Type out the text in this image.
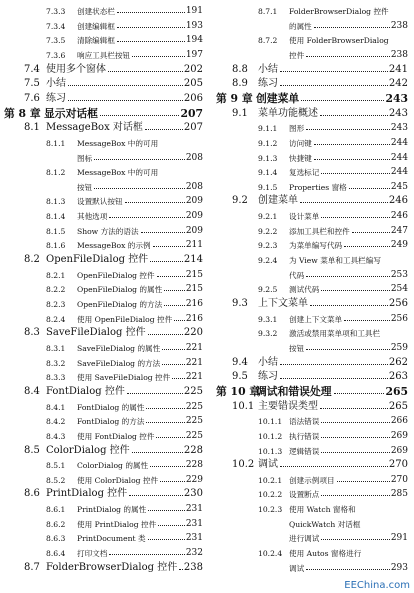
7.3.3 创建状态栏	191
7.3.4 创建编辑框	193
7.3.5 清除编辑框	194
7.3.6 响应工具栏按钮	197
7.4 使用多个窗体	202
7.5 小结	205
7.6 练习	206
第 8 章 显示对话框	207
8.1 MessageBox 对话框	207
8.1.1 MessageBox 中的可用
图标	208
8.1.2 MessageBox 中的可用
按钮	208
8.1.3 设置默认按钮	209
8.1.4 其他选项	209
8.1.5 Show 方法的语法	209
8.1.6 MessageBox 的示例	211
8.2 OpenFileDialog 控件	214
8.2.1 OpenFileDialog 控件	215
8.2.2 OpenFileDialog 的属性	215
8.2.3 OpenFileDialog 的方法	216
8.2.4 使用 OpenFileDialog 控件 216
8.3 SaveFileDialog 控件	220
8.3.1 SaveFileDialog 的属性	221
8.3.2 SaveFileDialog 的方法	221
8.3.3 使用 SaveFileDialog 控件 221
8.4 FontDialog 控件	225
8.4.1 FontDialog 的属性	225
8.4.2 FontDialog 的方法	225
8.4.3 使用 FontDialog 控件	225
8.5 ColorDialog 控件	228
8.5.1 ColorDialog 的属性	228
8.5.2 使用 ColorDialog 控件	229
8.6 PrintDialog 控件	230
8.6.1 PrintDialog 的属性	231
8.6.2 使用 PrintDialog 控件	231
8.6.3 PrintDocument 类	231
8.6.4 打印文档	232
8.7 FolderBrowserDialog 控件 238
8.7.1 FolderBrowserDialog 控件
的属性	238
8.7.2 使用 FolderBrowserDialog
控件	238
8.8 小结	241
8.9 练习	242
第 9 章 创建菜单	243
9.1 菜单功能概述	243
9.1.1 图形	243
9.1.2 访问键	244
9.1.3 快捷键	244
9.1.4 复选标记	244
9.1.5 Properties 窗格	245
9.2 创建菜单	246
9.2.1 设计菜单	246
9.2.2 添加工具栏和控件	247
9.2.3 为菜单编写代码	249
9.2.4 为 View 菜单和工具栏编写
代码	253
9.2.5 测试代码	254
9.3 上下文菜单	256
9.3.1 创建上下文菜单	256
9.3.2 激活或禁用菜单项和工具栏
按钮	259
9.4 小结	262
9.5 练习	263
第 10 章
调试和错误处理	265
10.1 主要错误类型	265
10.1.1 语法错误	266
10.1.2 执行错误	269
10.1.3 逻辑错误	269
10.2 调试	270
10.2.1 创建示例项目	270
10.2.2 设置断点	285
10.2.3 使用 Watch 窗格和
QuickWatch 对话框
进行调试	291
10.2.4 使用 Autos 窗格进行
调试	293
EEChina.com
